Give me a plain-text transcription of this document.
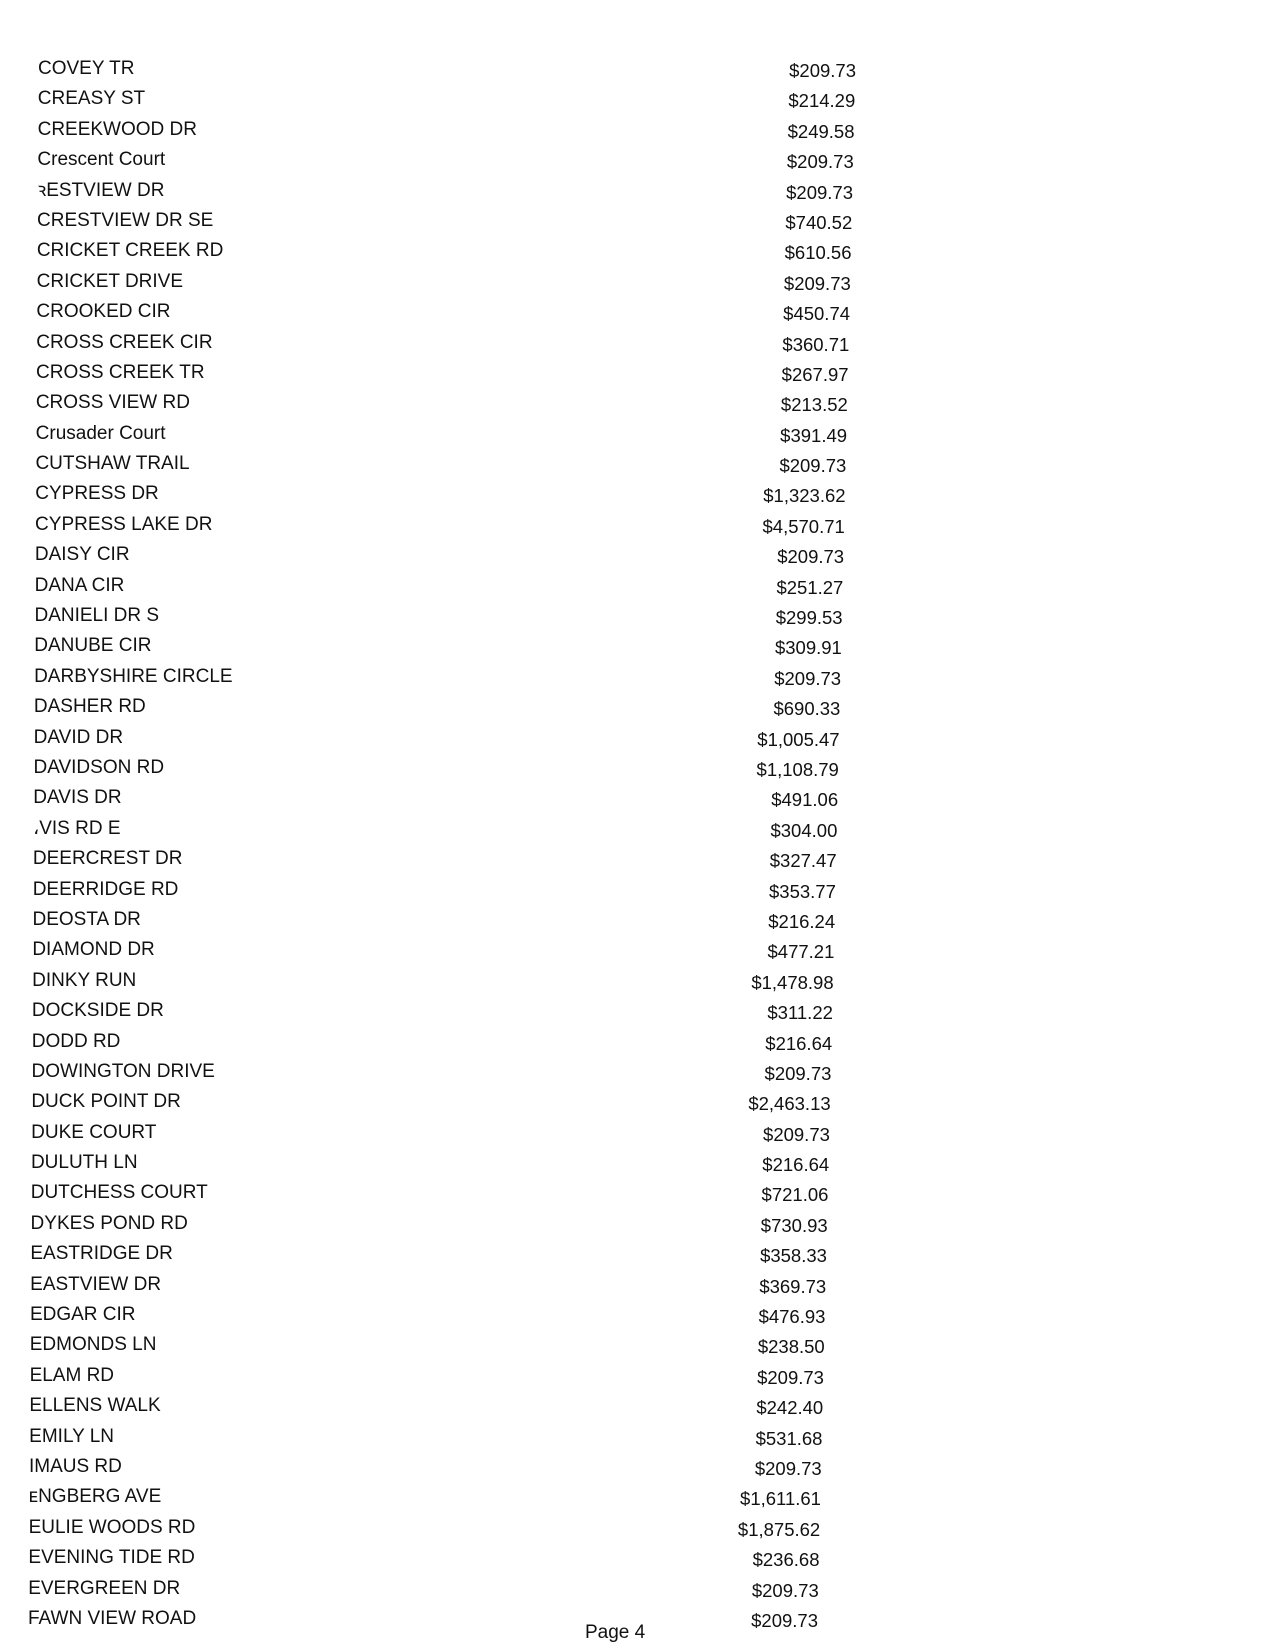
COVEY TR	$209.73
CREASY ST	$214.29
CREEKWOOD DR	$249.58
Crescent Court	$209.73
ꝛESTVIEW DR	$209.73
CRESTVIEW DR SE	$740.52
CRICKET CREEK RD	$610.56
CRICKET DRIVE	$209.73
CROOKED CIR	$450.74
CROSS CREEK CIR	$360.71
CROSS CREEK TR	$267.97
CROSS VIEW RD	$213.52
Crusader Court	$391.49
CUTSHAW TRAIL	$209.73
CYPRESS DR	$1,323.62
CYPRESS LAKE DR	$4,570.71
DAISY CIR	$209.73
DANA CIR	$251.27
DANIELI DR S	$299.53
DANUBE CIR	$309.91
DARBYSHIRE CIRCLE	$209.73
DASHER RD	$690.33
DAVID DR	$1,005.47
DAVIDSON RD	$1,108.79
DAVIS DR	$491.06
،VIS RD E	$304.00
DEERCREST DR	$327.47
DEERRIDGE RD	$353.77
DEOSTA DR	$216.24
DIAMOND DR	$477.21
DINKY RUN	$1,478.98
DOCKSIDE DR	$311.22
DODD RD	$216.64
DOWINGTON DRIVE	$209.73
DUCK POINT DR	$2,463.13
DUKE COURT	$209.73
DULUTH LN	$216.64
DUTCHESS COURT	$721.06
DYKES POND RD	$730.93
EASTRIDGE DR	$358.33
EASTVIEW DR	$369.73
EDGAR CIR	$476.93
EDMONDS LN	$238.50
ELAM RD	$209.73
ELLENS WALK	$242.40
EMILY LN	$531.68
IMAUS RD	$209.73
ᴇNGBERG AVE	$1,611.61
EULIE WOODS RD	$1,875.62
EVENING TIDE RD	$236.68
EVERGREEN DR	$209.73
FAWN VIEW ROAD	$209.73
Page 4
